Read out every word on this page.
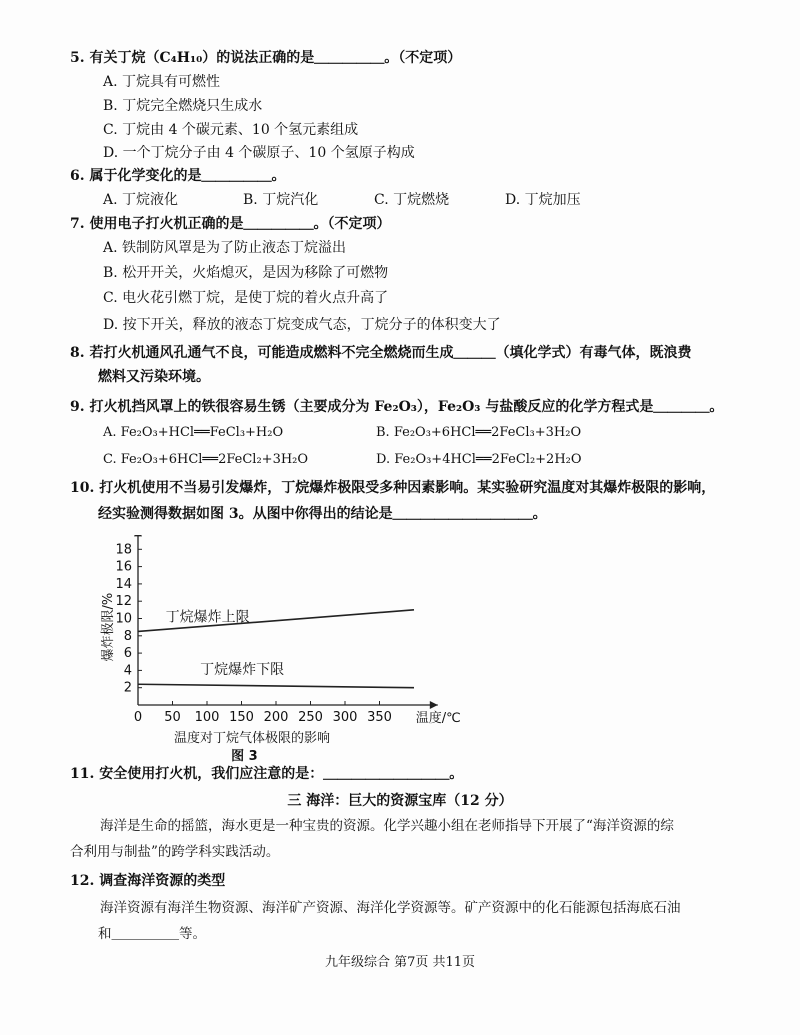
5. 有关丁烷（C₄H₁₀）的说法正确的是＿＿＿＿＿。（不定项）
A. 丁烷具有可燃性
B. 丁烷完全燃烧只生成水
C. 丁烷由 4 个碳元素、10 个氢元素组成
D. 一个丁烷分子由 4 个碳原子、10 个氢原子构成
6. 属于化学变化的是＿＿＿＿＿。
A. 丁烷液化	B. 丁烷汽化	C. 丁烷燃烧	D. 丁烷加压
7. 使用电子打火机正确的是＿＿＿＿＿。（不定项）
A. 铁制防风罩是为了防止液态丁烷溢出
B. 松开开关，火焰熄灭，是因为移除了可燃物
C. 电火花引燃丁烷，是使丁烷的着火点升高了
D. 按下开关，释放的液态丁烷变成气态，丁烷分子的体积变大了
8. 若打火机通风孔通气不良，可能造成燃料不完全燃烧而生成＿＿＿（填化学式）有毒气体，既浪费
燃料又污染环境。
9. 打火机挡风罩上的铁很容易生锈（主要成分为 Fe₂O₃），Fe₂O₃ 与盐酸反应的化学方程式是＿＿＿＿。
A. Fe₂O₃+HCl══FeCl₃+H₂O	B. Fe₂O₃+6HCl══2FeCl₃+3H₂O
C. Fe₂O₃+6HCl══2FeCl₂+3H₂O	D. Fe₂O₃+4HCl══2FeCl₂+2H₂O
10. 打火机使用不当易引发爆炸，丁烷爆炸极限受多种因素影响。某实验研究温度对其爆炸极限的影响，
经实验测得数据如图 3。从图中你得出的结论是＿＿＿＿＿＿＿＿＿＿。
0 50 100 150 200 250 300 350
2
4
6
8
10
12
14
16
18
丁烷爆炸上限
丁烷爆炸下限
温度/℃
爆炸极限/%
温度对丁烷气体极限的影响
图 3
11. 安全使用打火机，我们应注意的是：＿＿＿＿＿＿＿＿＿。
三 海洋：巨大的资源宝库（12 分）
海洋是生命的摇篮，海水更是一种宝贵的资源。化学兴趣小组在老师指导下开展了“海洋资源的综
合利用与制盐”的跨学科实践活动。
12. 调查海洋资源的类型
海洋资源有海洋生物资源、海洋矿产资源、海洋化学资源等。矿产资源中的化石能源包括海底石油
和＿＿＿＿＿等。
九年级综合 第7页 共11页
